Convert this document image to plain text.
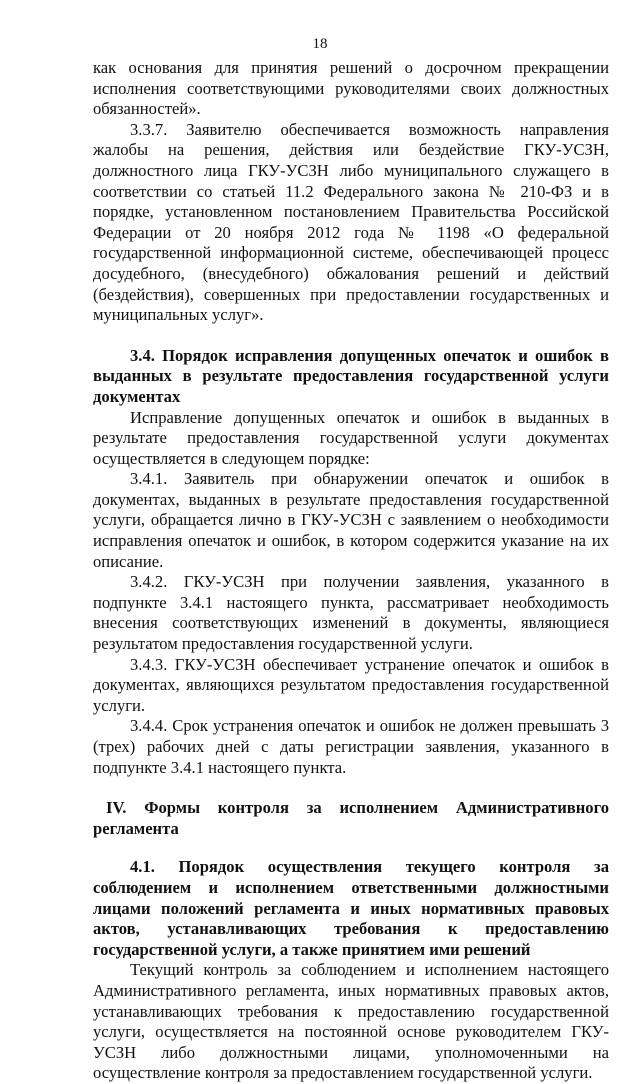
18

как основания для принятия решений о досрочном прекращении исполнения соответствующими руководителями своих должностных обязанностей».

3.3.7. Заявителю обеспечивается возможность направления жалобы на решения, действия или бездействие ГКУ-УСЗН, должностного лица ГКУ-УСЗН либо муниципального служащего в соответствии со статьей 11.2 Федерального закона № 210-ФЗ и в порядке, установленном постановлением Правительства Российской Федерации от 20 ноября 2012 года № 1198 «О федеральной государственной информационной системе, обеспечивающей процесс досудебного, (внесудебного) обжалования решений и действий (бездействия), совершенных при предоставлении государственных и муниципальных услуг».

3.4. Порядок исправления допущенных опечаток и ошибок в выданных в результате предоставления государственной услуги документах

Исправление допущенных опечаток и ошибок в выданных в результате предоставления государственной услуги документах осуществляется в следующем порядке:

3.4.1. Заявитель при обнаружении опечаток и ошибок в документах, выданных в результате предоставления государственной услуги, обращается лично в ГКУ-УСЗН с заявлением о необходимости исправления опечаток и ошибок, в котором содержится указание на их описание.

3.4.2. ГКУ-УСЗН при получении заявления, указанного в подпункте 3.4.1 настоящего пункта, рассматривает необходимость внесения соответствующих изменений в документы, являющиеся результатом предоставления государственной услуги.

3.4.3. ГКУ-УСЗН обеспечивает устранение опечаток и ошибок в документах, являющихся результатом предоставления государственной услуги.

3.4.4. Срок устранения опечаток и ошибок не должен превышать 3 (трех) рабочих дней с даты регистрации заявления, указанного в подпункте 3.4.1 настоящего пункта.

IV. Формы контроля за исполнением Административного регламента

4.1. Порядок осуществления текущего контроля за соблюдением и исполнением ответственными должностными лицами положений регламента и иных нормативных правовых актов, устанавливающих требования к предоставлению государственной услуги, а также принятием ими решений

Текущий контроль за соблюдением и исполнением настоящего Административного регламента, иных нормативных правовых актов, устанавливающих требования к предоставлению государственной услуги, осуществляется на постоянной основе руководителем ГКУ-УСЗН либо должностными лицами, уполномоченными на осуществление контроля за предоставлением государственной услуги.
